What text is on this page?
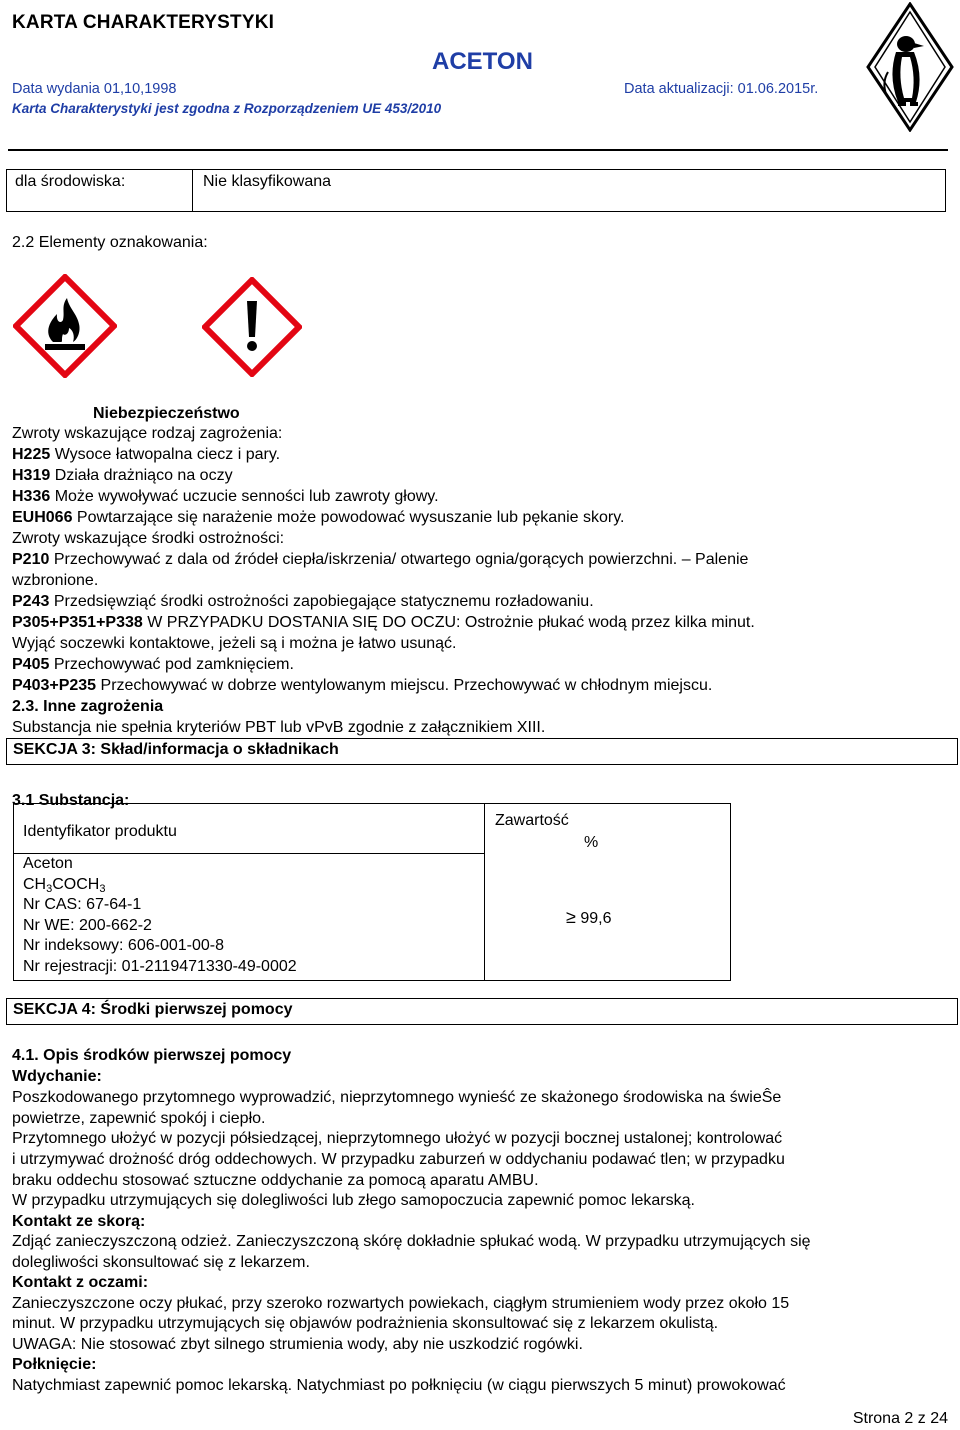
KARTA CHARAKTERYSTYKI
ACETON
Data wydania 01,10,1998	Data aktualizacji: 01.06.2015r.
Karta Charakterystyki jest zgodna z Rozporządzeniem UE 453/2010
dla środowiska:	Nie klasyfikowana
2.2 Elementy oznakowania:
Niebezpieczeństwo
Zwroty wskazujące rodzaj zagrożenia:
H225 Wysoce łatwopalna ciecz i pary.
H319 Działa drażniąco na oczy
H336 Może wywoływać uczucie senności lub zawroty głowy.
EUH066 Powtarzające się narażenie może powodować wysuszanie lub pękanie skory.
Zwroty wskazujące środki ostrożności:
P210 Przechowywać z dala od źródeł ciepła/iskrzenia/ otwartego ognia/gorących powierzchni. – Palenie
wzbronione.
P243 Przedsięwziąć środki ostrożności zapobiegające statycznemu rozładowaniu.
P305+P351+P338 W PRZYPADKU DOSTANIA SIĘ DO OCZU: Ostrożnie płukać wodą przez kilka minut.
Wyjąć soczewki kontaktowe, jeżeli są i można je łatwo usunąć.
P405 Przechowywać pod zamknięciem.
P403+P235 Przechowywać w dobrze wentylowanym miejscu. Przechowywać w chłodnym miejscu.
2.3. Inne zagrożenia
Substancja nie spełnia kryteriów PBT lub vPvB zgodnie z załącznikiem XIII.
SEKCJA 3: Skład/informacja o składnikach
3.1 Substancja:
Identyfikator produktu
Zawartość
%
Aceton
$CH_3COCH_3$
Nr CAS: 67-64-1
Nr WE: 200-662-2
Nr indeksowy: 606-001-00-8
Nr rejestracji: 01-2119471330-49-0002
≥ 99,6
SEKCJA 4: Środki pierwszej pomocy
4.1. Opis środków pierwszej pomocy
Wdychanie:
Poszkodowanego przytomnego wyprowadzić, nieprzytomnego wynieść ze skażonego środowiska na świeŜe
powietrze, zapewnić spokój i ciepło.
Przytomnego ułożyć w pozycji półsiedzącej, nieprzytomnego ułożyć w pozycji bocznej ustalonej; kontrolować
i utrzymywać drożność dróg oddechowych. W przypadku zaburzeń w oddychaniu podawać tlen; w przypadku
braku oddechu stosować sztuczne oddychanie za pomocą aparatu AMBU.
W przypadku utrzymujących się dolegliwości lub złego samopoczucia zapewnić pomoc lekarską.
Kontakt ze skorą:
Zdjąć zanieczyszczoną odzież. Zanieczyszczoną skórę dokładnie spłukać wodą. W przypadku utrzymujących się
dolegliwości skonsultować się z lekarzem.
Kontakt z oczami:
Zanieczyszczone oczy płukać, przy szeroko rozwartych powiekach, ciągłym strumieniem wody przez około 15
minut. W przypadku utrzymujących się objawów podrażnienia skonsultować się z lekarzem okulistą.
UWAGA: Nie stosować zbyt silnego strumienia wody, aby nie uszkodzić rogówki.
Połknięcie:
Natychmiast zapewnić pomoc lekarską. Natychmiast po połknięciu (w ciągu pierwszych 5 minut) prowokować
Strona 2 z 24
